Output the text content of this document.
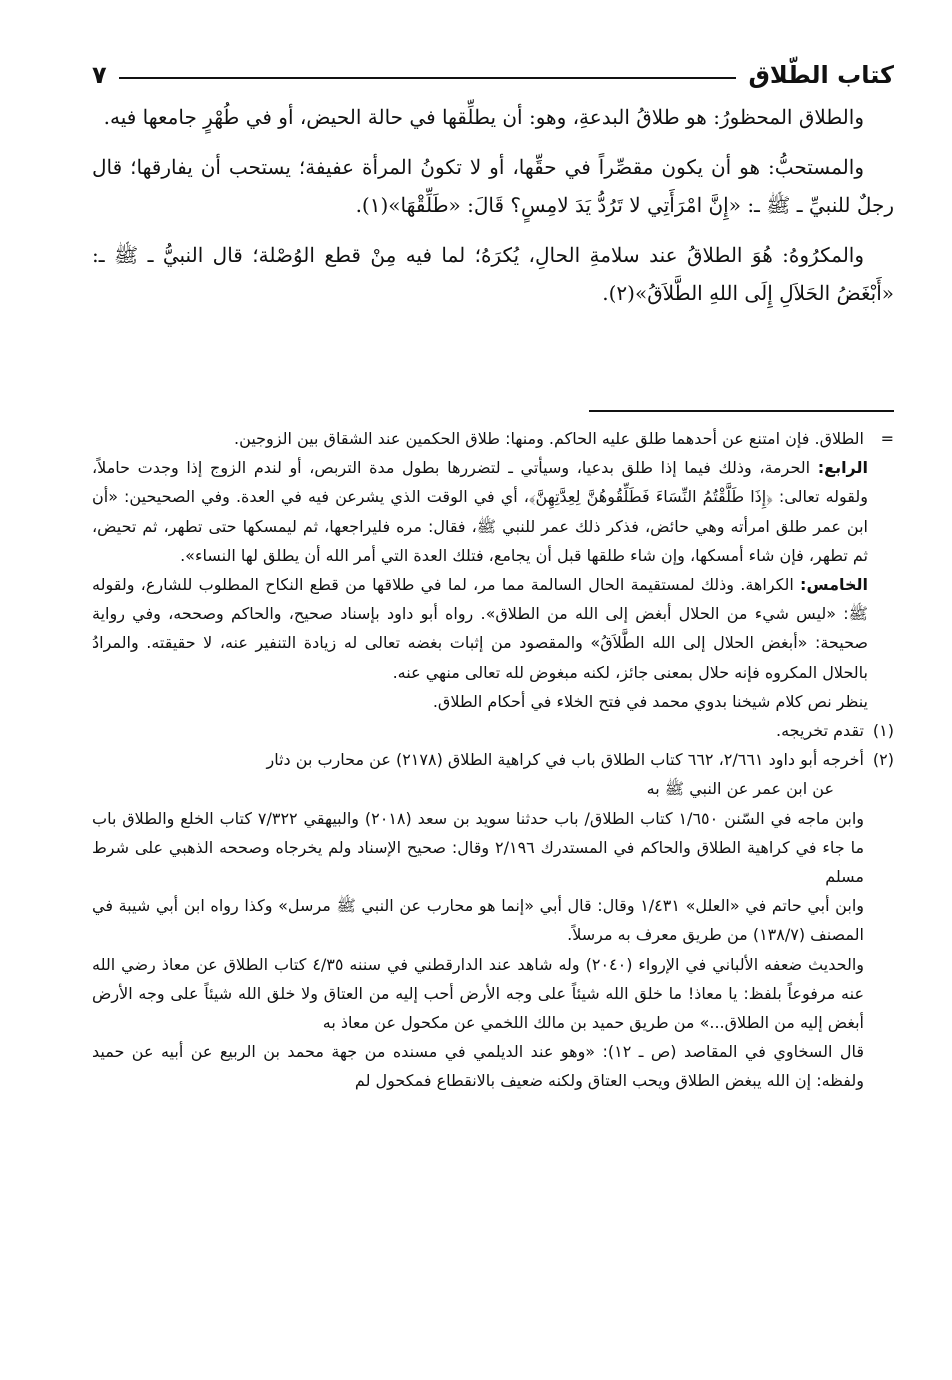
كتاب الطّلاق
٧

والطلاق المحظورُ: هو طلاقُ البدعةِ، وهو: أن يطلِّقها في حالة الحيض، أو في طُهْرٍ جامعها فيه.

والمستحبُّ: هو أن يكون مقصِّراً في حقِّها، أو لا تكونُ المرأة عفيفة؛ يستحب أن يفارقها؛ قال رجلٌ للنبيِّ ـ ﷺ ـ: «إِنَّ امْرَأَتِي لا تَرُدُّ يَدَ لامِسٍ؟ قَالَ: «طَلِّقْهَا»(١).

والمكرُوهُ: هُوَ الطلاقُ عند سلامةِ الحالِ، يُكرَهُ؛ لما فيه مِنْ قطع الوُصْلة؛ قال النبيُّ ـ ﷺ ـ: «أَبْغَضُ الحَلاَلِ إِلَى اللهِ الطَّلاَقُ»(٢).

=
الطلاق. فإن امتنع عن أحدهما طلق عليه الحاكم. ومنها: طلاق الحكمين عند الشقاق بين الزوجين.

الرابع: الحرمة، وذلك فيما إذا طلق بدعيا، وسيأتي ـ لتضررها بطول مدة التربص، أو لندم الزوج إذا وجدت حاملاً، ولقوله تعالى: ﴿إِذَا طَلَّقْتُمُ النِّسَاءَ فَطَلِّقُوهُنَّ لِعِدَّتِهِنَّ﴾، أي في الوقت الذي يشرعن فيه في العدة. وفي الصحيحين: «أن ابن عمر طلق امرأته وهي حائض، فذكر ذلك عمر للنبي ﷺ، فقال: مره فليراجعها، ثم ليمسكها حتى تطهر، ثم تحيض، ثم تطهر، فإن شاء أمسكها، وإن شاء طلقها قبل أن يجامع، فتلك العدة التي أمر الله أن يطلق لها النساء».

الخامس: الكراهة. وذلك لمستقيمة الحال السالمة مما مر، لما في طلاقها من قطع النكاح المطلوب للشارع، ولقوله ﷺ: «ليس شيء من الحلال أبغض إلى الله من الطلاق». رواه أبو داود بإسناد صحيح، والحاكم وصححه، وفي رواية صحيحة: «أبغض الحلال إلى الله الطَّلاَقُ» والمقصود من إثبات بغضه تعالى له زيادة التنفير عنه، لا حقيقته. والمرادُ بالحلال المكروه فإنه حلال بمعنى جائز، لكنه مبغوض لله تعالى منهي عنه.

ينظر نص كلام شيخنا بدوي محمد في فتح الخلاء في أحكام الطلاق.

(١)
تقدم تخريجه.

(٢)
أخرجه أبو داود ٢/٦٦١، ٦٦٢ كتاب الطلاق باب في كراهية الطلاق (٢١٧٨) عن محارب بن دثار

عن ابن عمر عن النبي ﷺ به

وابن ماجه في السّنن ١/٦٥٠ كتاب الطلاق/ باب حدثنا سويد بن سعد (٢٠١٨) والبيهقي ٧/٣٢٢ كتاب الخلع والطلاق باب ما جاء في كراهية الطلاق والحاكم في المستدرك ٢/١٩٦ وقال: صحيح الإسناد ولم يخرجاه وصححه الذهبي على شرط مسلم

وابن أبي حاتم في «العلل» ١/٤٣١ وقال: قال أبي «إنما هو محارب عن النبي ﷺ مرسل» وكذا رواه ابن أبي شيبة في المصنف (١٣٨/٧) من طريق معرف به مرسلاً.

والحديث ضعفه الألباني في الإرواء (٢٠٤٠) وله شاهد عند الدارقطني في سننه ٤/٣٥ كتاب الطلاق عن معاذ رضي الله عنه مرفوعاً بلفظ: يا معاذ! ما خلق الله شيئاً على وجه الأرض أحب إليه من العتاق ولا خلق الله شيئاً على وجه الأرض أبغض إليه من الطلاق...» من طريق حميد بن مالك اللخمي عن مكحول عن معاذ به

قال السخاوي في المقاصد (ص ـ ١٢): «وهو عند الديلمي في مسنده من جهة محمد بن الربيع عن أبيه عن حميد ولفظه: إن الله يبغض الطلاق ويحب العتاق ولكنه ضعيف بالانقطاع فمكحول لم
